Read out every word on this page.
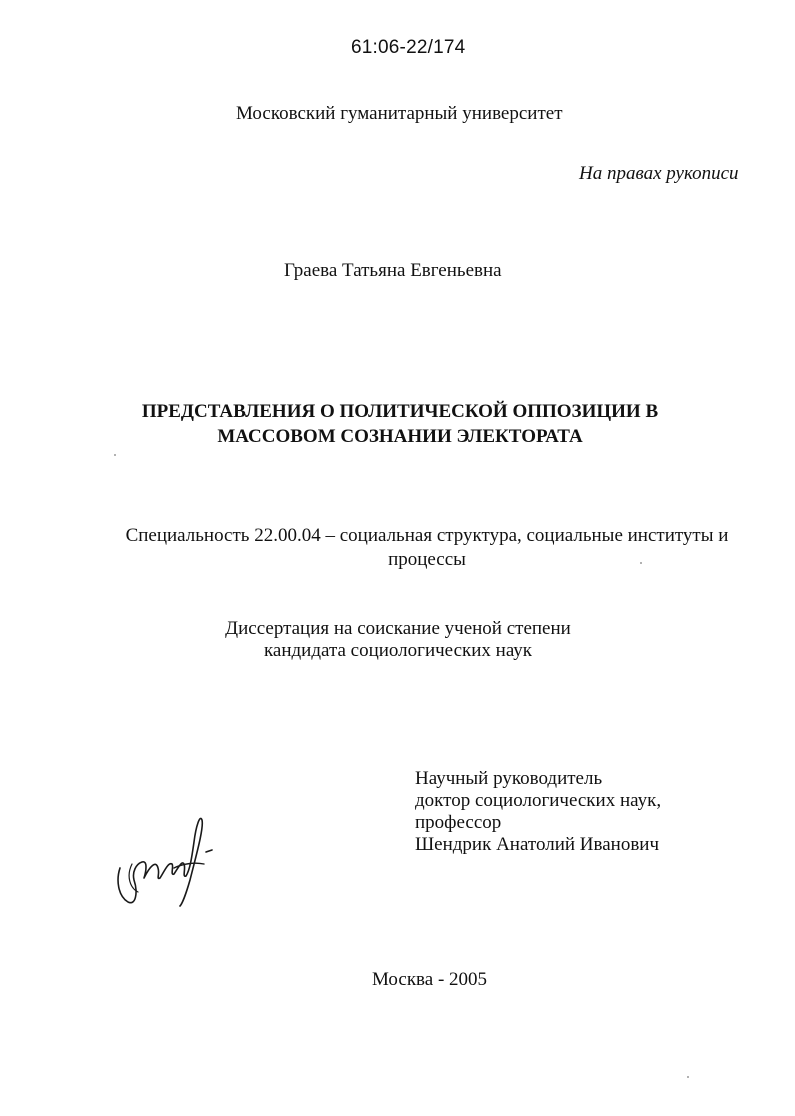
61:06-22/174
Московский гуманитарный университет
На правах рукописи
Граева Татьяна Евгеньевна
ПРЕДСТАВЛЕНИЯ О ПОЛИТИЧЕСКОЙ ОППОЗИЦИИ В
МАССОВОМ СОЗНАНИИ ЭЛЕКТОРАТА
Специальность 22.00.04 – социальная структура, социальные институты и
процессы
Диссертация на соискание ученой степени
кандидата социологических наук
Научный руководитель
доктор социологических наук,
профессор
Шендрик Анатолий Иванович
Москва - 2005
